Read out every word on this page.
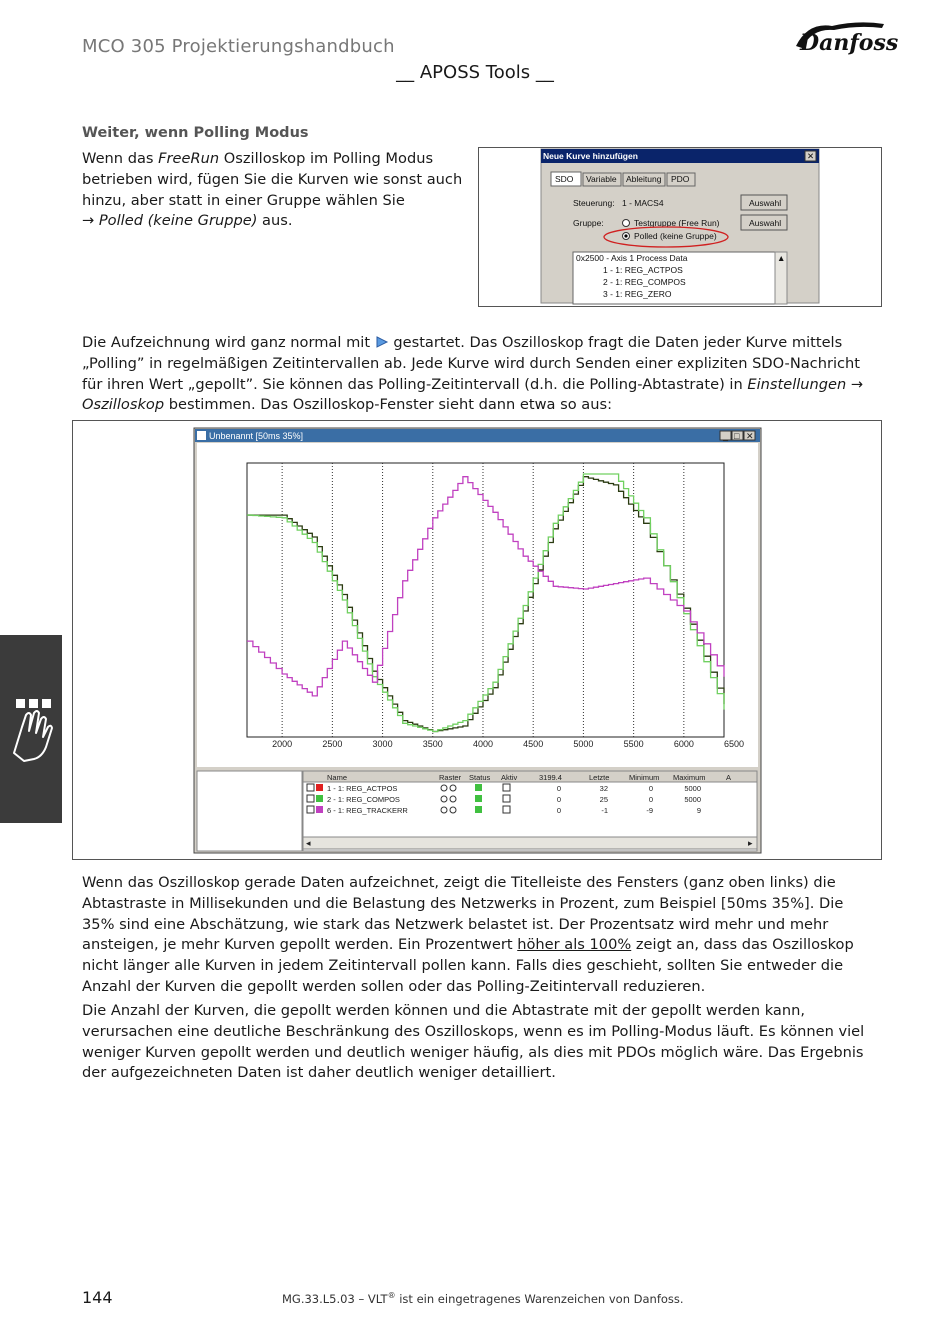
MCO 305 Projektierungshandbuch	Danfoss
__ APOSS Tools __
Weiter, wenn Polling Modus
Wenn das FreeRun Oszilloskop im Polling Modus betrieben wird, fügen Sie die Kurven wie sonst auch hinzu, aber statt in einer Gruppe wählen Sie
→ Polled (keine Gruppe) aus.
Neue Kurve hinzufügen	✕
SDO Variable Ableitung PDO
Steuerung: 1 - MACS4	Auswahl
Gruppe:	Testgruppe (Free Run)	Auswahl
Polled (keine Gruppe)
▲
0x2500 - Axis 1 Process Data
1 - 1: REG_ACTPOS
2 - 1: REG_COMPOS
3 - 1: REG_ZERO
Die Aufzeichnung wird ganz normal mit gestartet. Das Oszilloskop fragt die Daten jeder Kurve mittels „Polling” in regelmäßigen Zeitintervallen ab. Jede Kurve wird durch Senden einer expliziten SDO-Nachricht für ihren Wert „gepollt”. Sie können das Polling-Zeitintervall (d.h. die Polling-Abtastrate) in Einstellungen → Oszilloskop bestimmen. Das Oszilloskop-Fenster sieht dann etwa so aus:
Unbenannt [50ms 35%]	_ □ ✕
2000	2500	3000	3500	4000	4500	5000	5500	6000	6500
Name	Raster Status Aktiv	3199.4	Letzte	Minimum Maximum	A
1 - 1: REG_ACTPOS	0	32	0	5000
2 - 1: REG_COMPOS	0	25	0	5000
6 - 1: REG_TRACKERR	0	-1	-9	9
◂	▸
Wenn das Oszilloskop gerade Daten aufzeichnet, zeigt die Titelleiste des Fensters (ganz oben links) die Abtastraste in Millisekunden und die Belastung des Netzwerks in Prozent, zum Beispiel [50ms 35%]. Die 35% sind eine Abschätzung, wie stark das Netzwerk belastet ist. Der Prozentsatz wird mehr und mehr ansteigen, je mehr Kurven gepollt werden. Ein Prozentwert höher als 100% zeigt an, dass das Oszilloskop nicht länger alle Kurven in jedem Zeitintervall pollen kann. Falls dies geschieht, sollten Sie entweder die Anzahl der Kurven die gepollt werden sollen oder das Polling-Zeitintervall reduzieren.
Die Anzahl der Kurven, die gepollt werden können und die Abtastrate mit der gepollt werden kann, verursachen eine deutliche Beschränkung des Oszilloskops, wenn es im Polling-Modus läuft. Es können viel weniger Kurven gepollt werden und deutlich weniger häufig, als dies mit PDOs möglich wäre. Das Ergebnis der aufgezeichneten Daten ist daher deutlich weniger detailliert.
144	MG.33.L5.03 – VLT® ist ein eingetragenes Warenzeichen von Danfoss.
